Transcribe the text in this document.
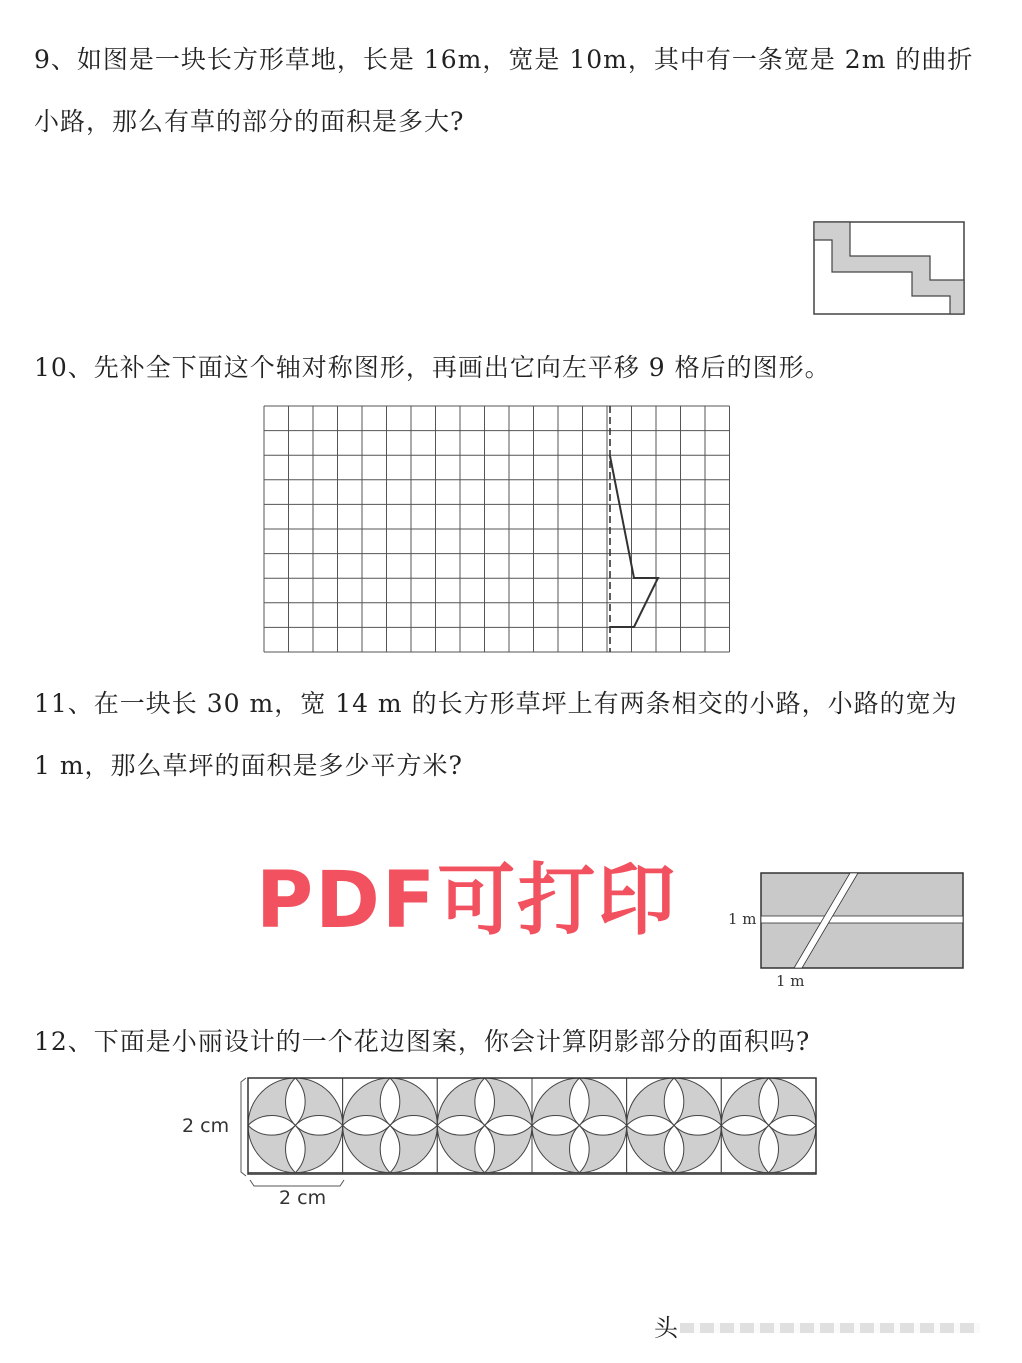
9、如图是一块长方形草地，长是 16m，宽是 10m，其中有一条宽是 2m 的曲折
小路，那么有草的部分的面积是多大?
10、先补全下面这个轴对称图形，再画出它向左平移 9 格后的图形。
11、在一块长 30 m，宽 14 m 的长方形草坪上有两条相交的小路，小路的宽为
1 m，那么草坪的面积是多少平方米?
PDF可打印	1 m
1 m
12、下面是小丽设计的一个花边图案，你会计算阴影部分的面积吗?
2 cm
2 cm
头
